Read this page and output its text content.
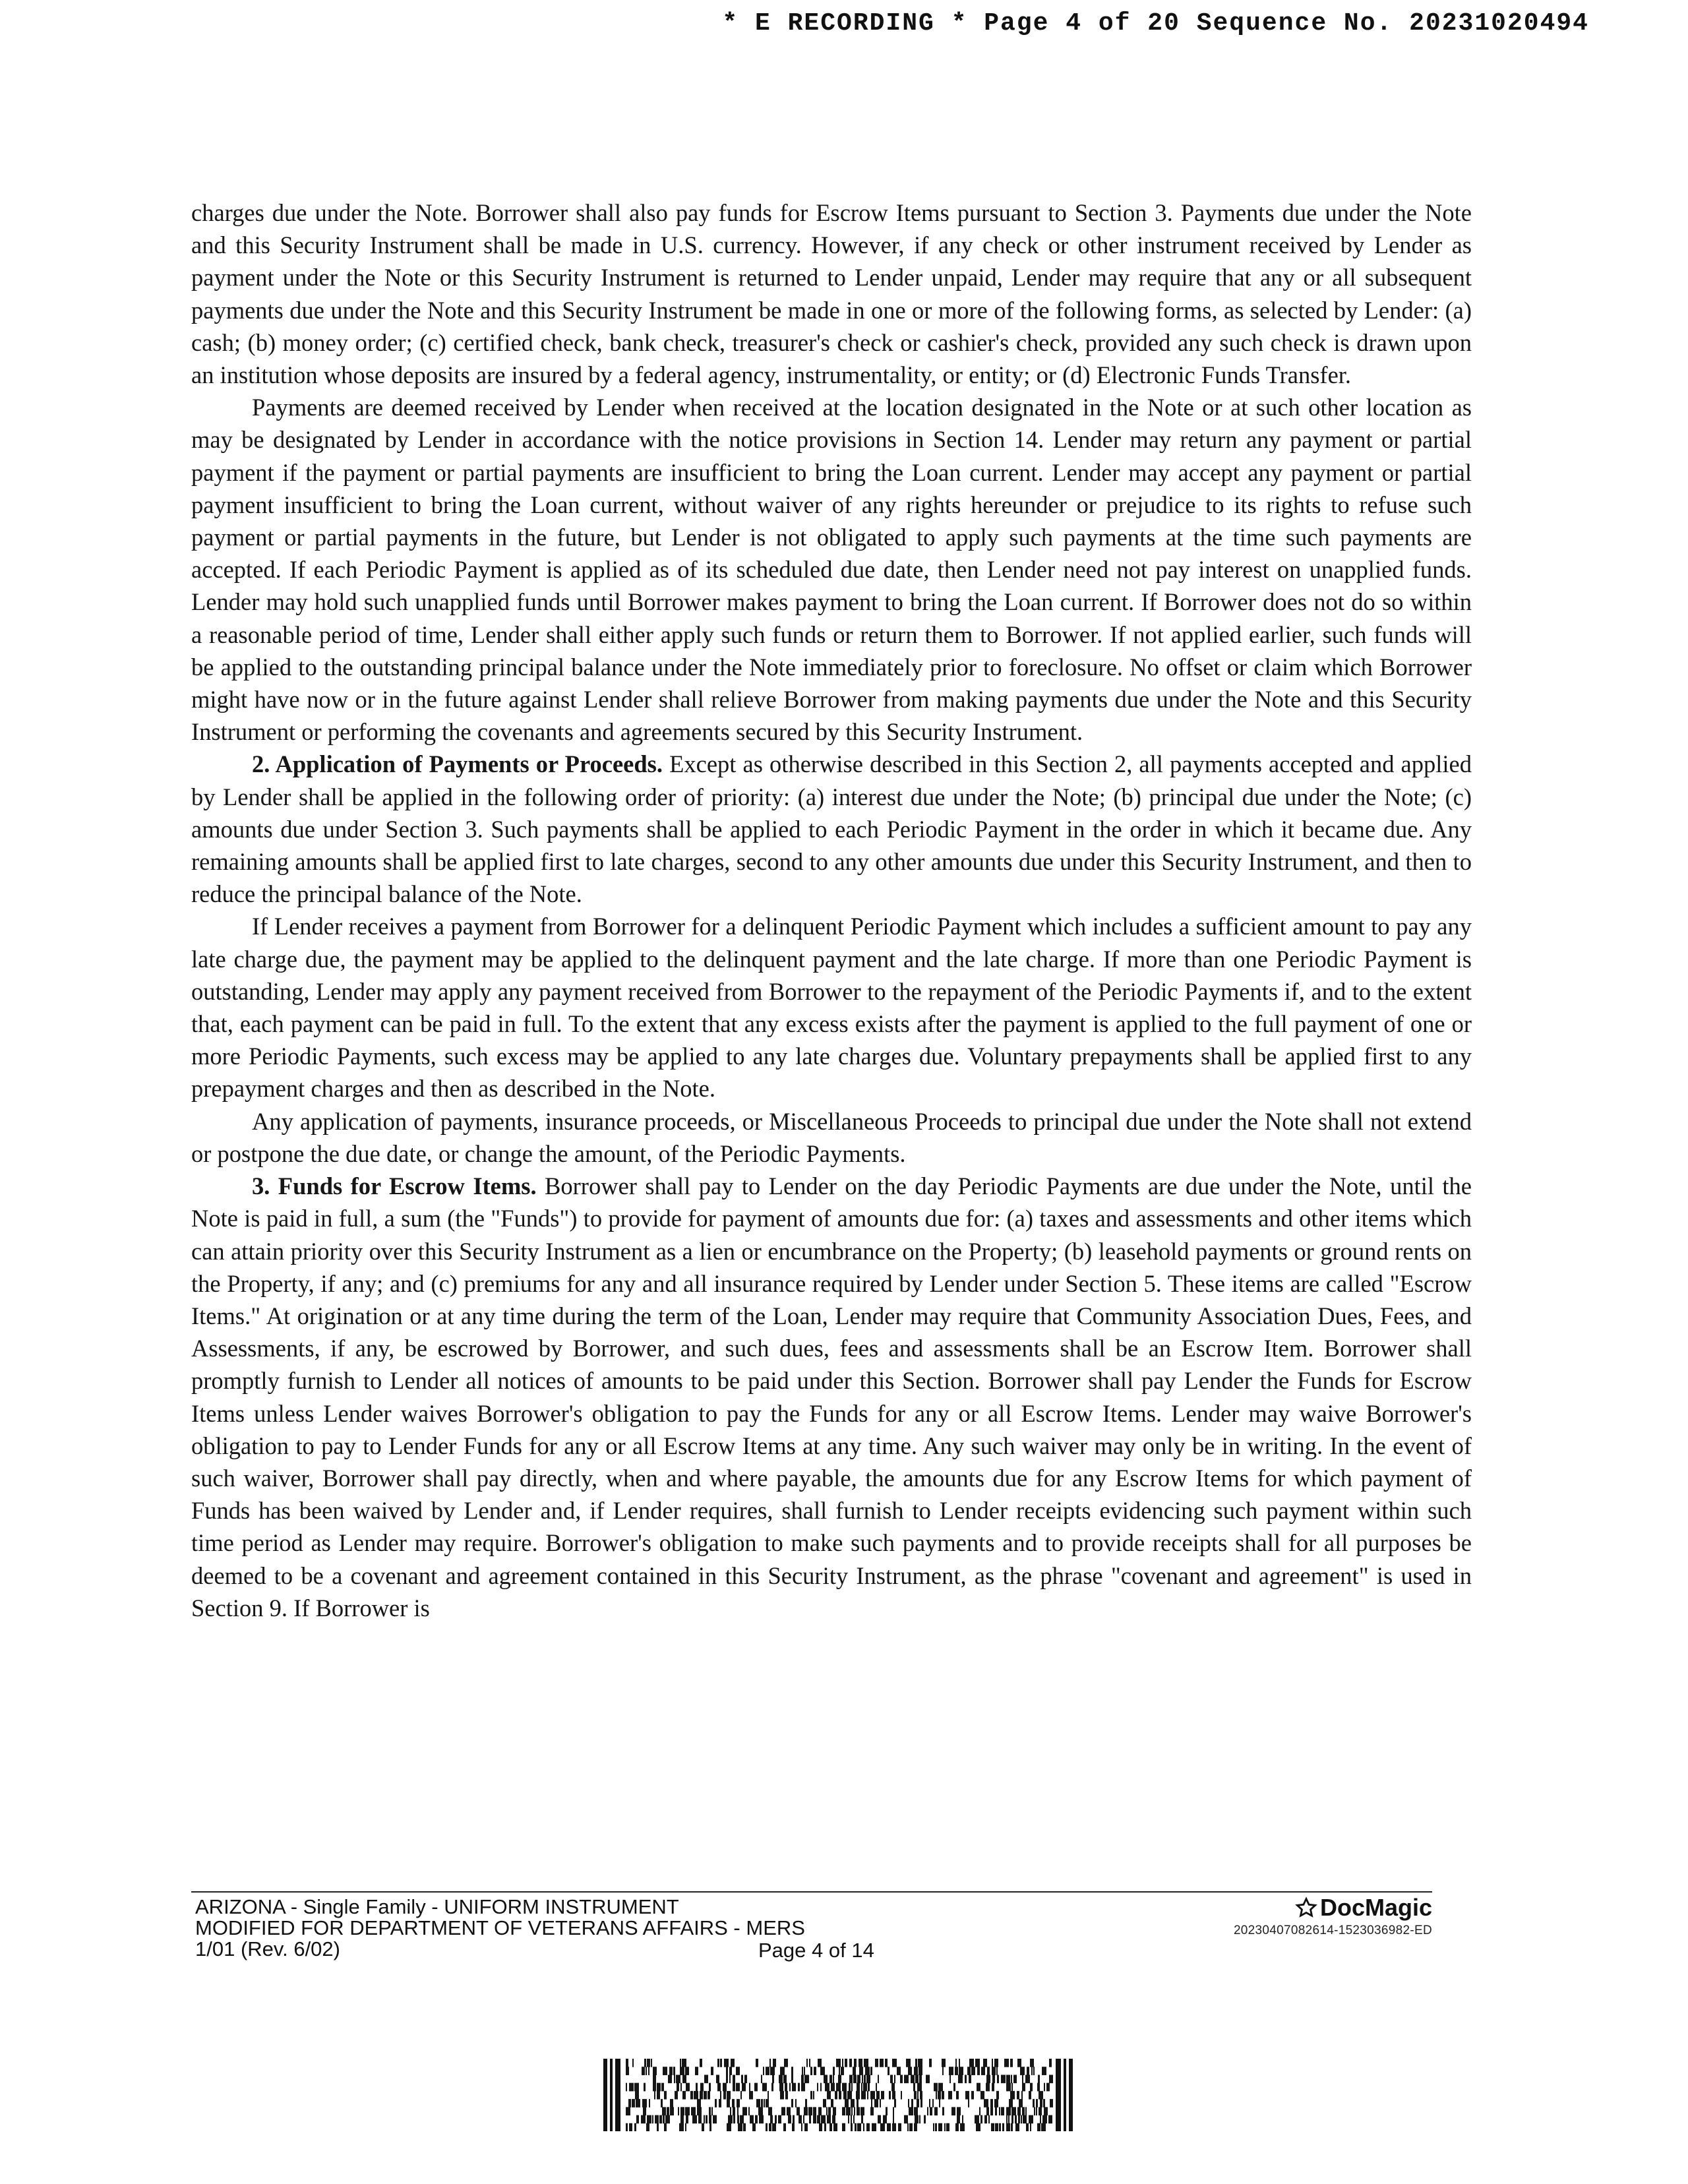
* E RECORDING * Page 4 of 20 Sequence No. 20231020494

charges due under the Note. Borrower shall also pay funds for Escrow Items pursuant to Section 3. Payments due under the Note and this Security Instrument shall be made in U.S. currency. However, if any check or other instrument received by Lender as payment under the Note or this Security Instrument is returned to Lender unpaid, Lender may require that any or all subsequent payments due under the Note and this Security Instrument be made in one or more of the following forms, as selected by Lender: (a) cash; (b) money order; (c) certified check, bank check, treasurer's check or cashier's check, provided any such check is drawn upon an institution whose deposits are insured by a federal agency, instrumentality, or entity; or (d) Electronic Funds Transfer.

Payments are deemed received by Lender when received at the location designated in the Note or at such other location as may be designated by Lender in accordance with the notice provisions in Section 14. Lender may return any payment or partial payment if the payment or partial payments are insufficient to bring the Loan current. Lender may accept any payment or partial payment insufficient to bring the Loan current, without waiver of any rights hereunder or prejudice to its rights to refuse such payment or partial payments in the future, but Lender is not obligated to apply such payments at the time such payments are accepted. If each Periodic Payment is applied as of its scheduled due date, then Lender need not pay interest on unapplied funds. Lender may hold such unapplied funds until Borrower makes payment to bring the Loan current. If Borrower does not do so within a reasonable period of time, Lender shall either apply such funds or return them to Borrower. If not applied earlier, such funds will be applied to the outstanding principal balance under the Note immediately prior to foreclosure. No offset or claim which Borrower might have now or in the future against Lender shall relieve Borrower from making payments due under the Note and this Security Instrument or performing the covenants and agreements secured by this Security Instrument.

2. Application of Payments or Proceeds. Except as otherwise described in this Section 2, all payments accepted and applied by Lender shall be applied in the following order of priority: (a) interest due under the Note; (b) principal due under the Note; (c) amounts due under Section 3. Such payments shall be applied to each Periodic Payment in the order in which it became due. Any remaining amounts shall be applied first to late charges, second to any other amounts due under this Security Instrument, and then to reduce the principal balance of the Note.

If Lender receives a payment from Borrower for a delinquent Periodic Payment which includes a sufficient amount to pay any late charge due, the payment may be applied to the delinquent payment and the late charge. If more than one Periodic Payment is outstanding, Lender may apply any payment received from Borrower to the repayment of the Periodic Payments if, and to the extent that, each payment can be paid in full. To the extent that any excess exists after the payment is applied to the full payment of one or more Periodic Payments, such excess may be applied to any late charges due. Voluntary prepayments shall be applied first to any prepayment charges and then as described in the Note.

Any application of payments, insurance proceeds, or Miscellaneous Proceeds to principal due under the Note shall not extend or postpone the due date, or change the amount, of the Periodic Payments.

3. Funds for Escrow Items. Borrower shall pay to Lender on the day Periodic Payments are due under the Note, until the Note is paid in full, a sum (the "Funds") to provide for payment of amounts due for: (a) taxes and assessments and other items which can attain priority over this Security Instrument as a lien or encumbrance on the Property; (b) leasehold payments or ground rents on the Property, if any; and (c) premiums for any and all insurance required by Lender under Section 5. These items are called "Escrow Items." At origination or at any time during the term of the Loan, Lender may require that Community Association Dues, Fees, and Assessments, if any, be escrowed by Borrower, and such dues, fees and assessments shall be an Escrow Item. Borrower shall promptly furnish to Lender all notices of amounts to be paid under this Section. Borrower shall pay Lender the Funds for Escrow Items unless Lender waives Borrower's obligation to pay the Funds for any or all Escrow Items. Lender may waive Borrower's obligation to pay to Lender Funds for any or all Escrow Items at any time. Any such waiver may only be in writing. In the event of such waiver, Borrower shall pay directly, when and where payable, the amounts due for any Escrow Items for which payment of Funds has been waived by Lender and, if Lender requires, shall furnish to Lender receipts evidencing such payment within such time period as Lender may require. Borrower's obligation to make such payments and to provide receipts shall for all purposes be deemed to be a covenant and agreement contained in this Security Instrument, as the phrase "covenant and agreement" is used in Section 9. If Borrower is

ARIZONA - Single Family - UNIFORM INSTRUMENT
MODIFIED FOR DEPARTMENT OF VETERANS AFFAIRS - MERS
1/01 (Rev. 6/02)	Page 4 of 14
DocMagic
20230407082614-1523036982-ED
